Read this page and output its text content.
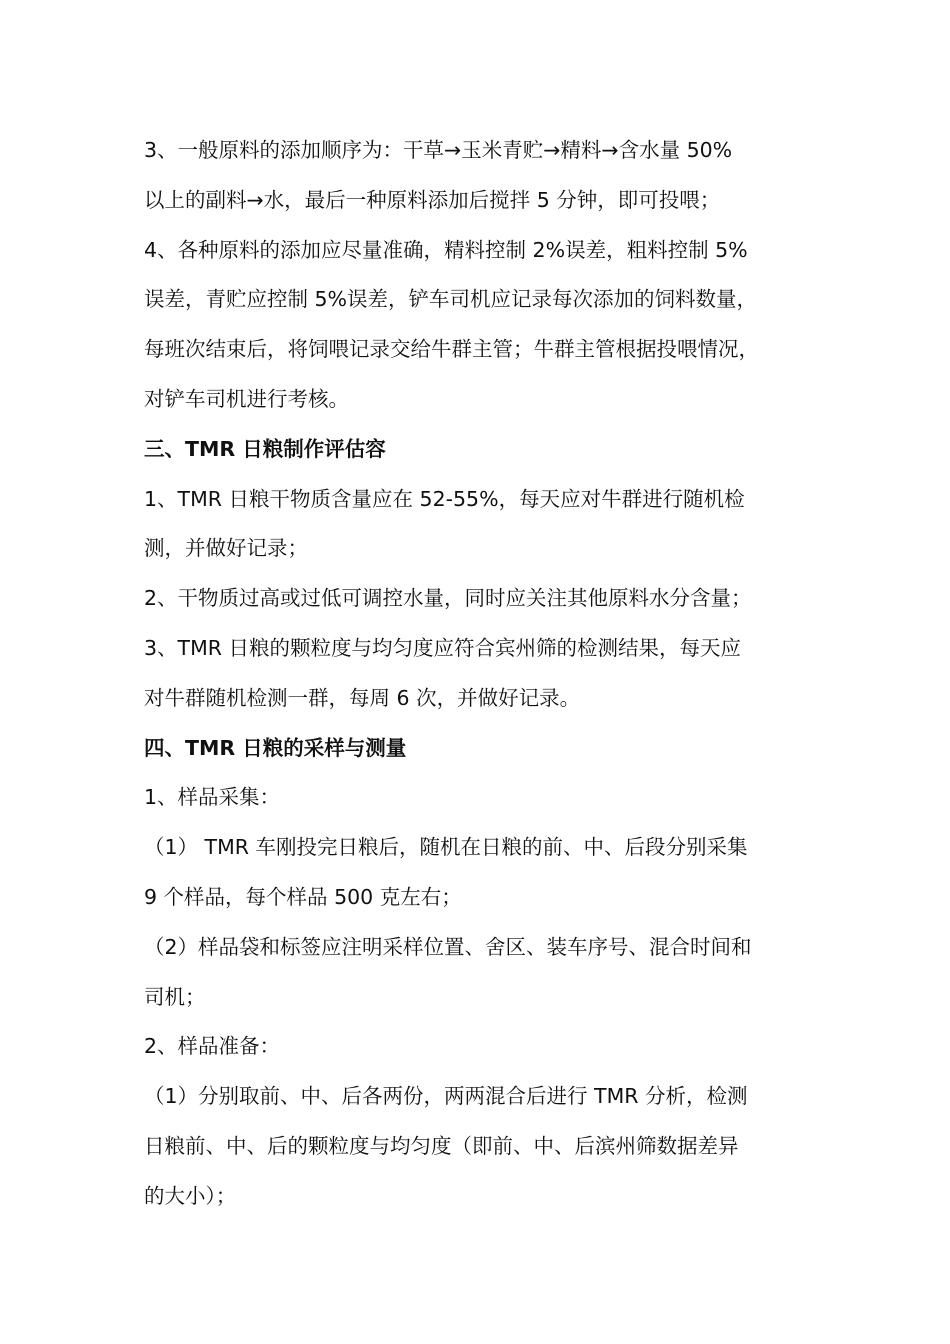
3、一般原料的添加顺序为：干草→玉米青贮→精料→含水量 50%
以上的副料→水，最后一种原料添加后搅拌 5 分钟，即可投喂；
4、各种原料的添加应尽量准确，精料控制 2%误差，粗料控制 5%
误差，青贮应控制 5%误差，铲车司机应记录每次添加的饲料数量，
每班次结束后，将饲喂记录交给牛群主管；牛群主管根据投喂情况，
对铲车司机进行考核。
三、TMR 日粮制作评估容
1、TMR 日粮干物质含量应在 52-55%，每天应对牛群进行随机检
测，并做好记录；
2、干物质过高或过低可调控水量，同时应关注其他原料水分含量；
3、TMR 日粮的颗粒度与均匀度应符合宾州筛的检测结果，每天应
对牛群随机检测一群，每周 6 次，并做好记录。
四、TMR 日粮的采样与测量
1、样品采集：
（1） TMR 车刚投完日粮后，随机在日粮的前、中、后段分别采集
9 个样品，每个样品 500 克左右；
（2）样品袋和标签应注明采样位置、舍区、装车序号、混合时间和
司机；
2、样品准备：
（1）分别取前、中、后各两份，两两混合后进行 TMR 分析，检测
日粮前、中、后的颗粒度与均匀度（即前、中、后滨州筛数据差异
的大小）；
